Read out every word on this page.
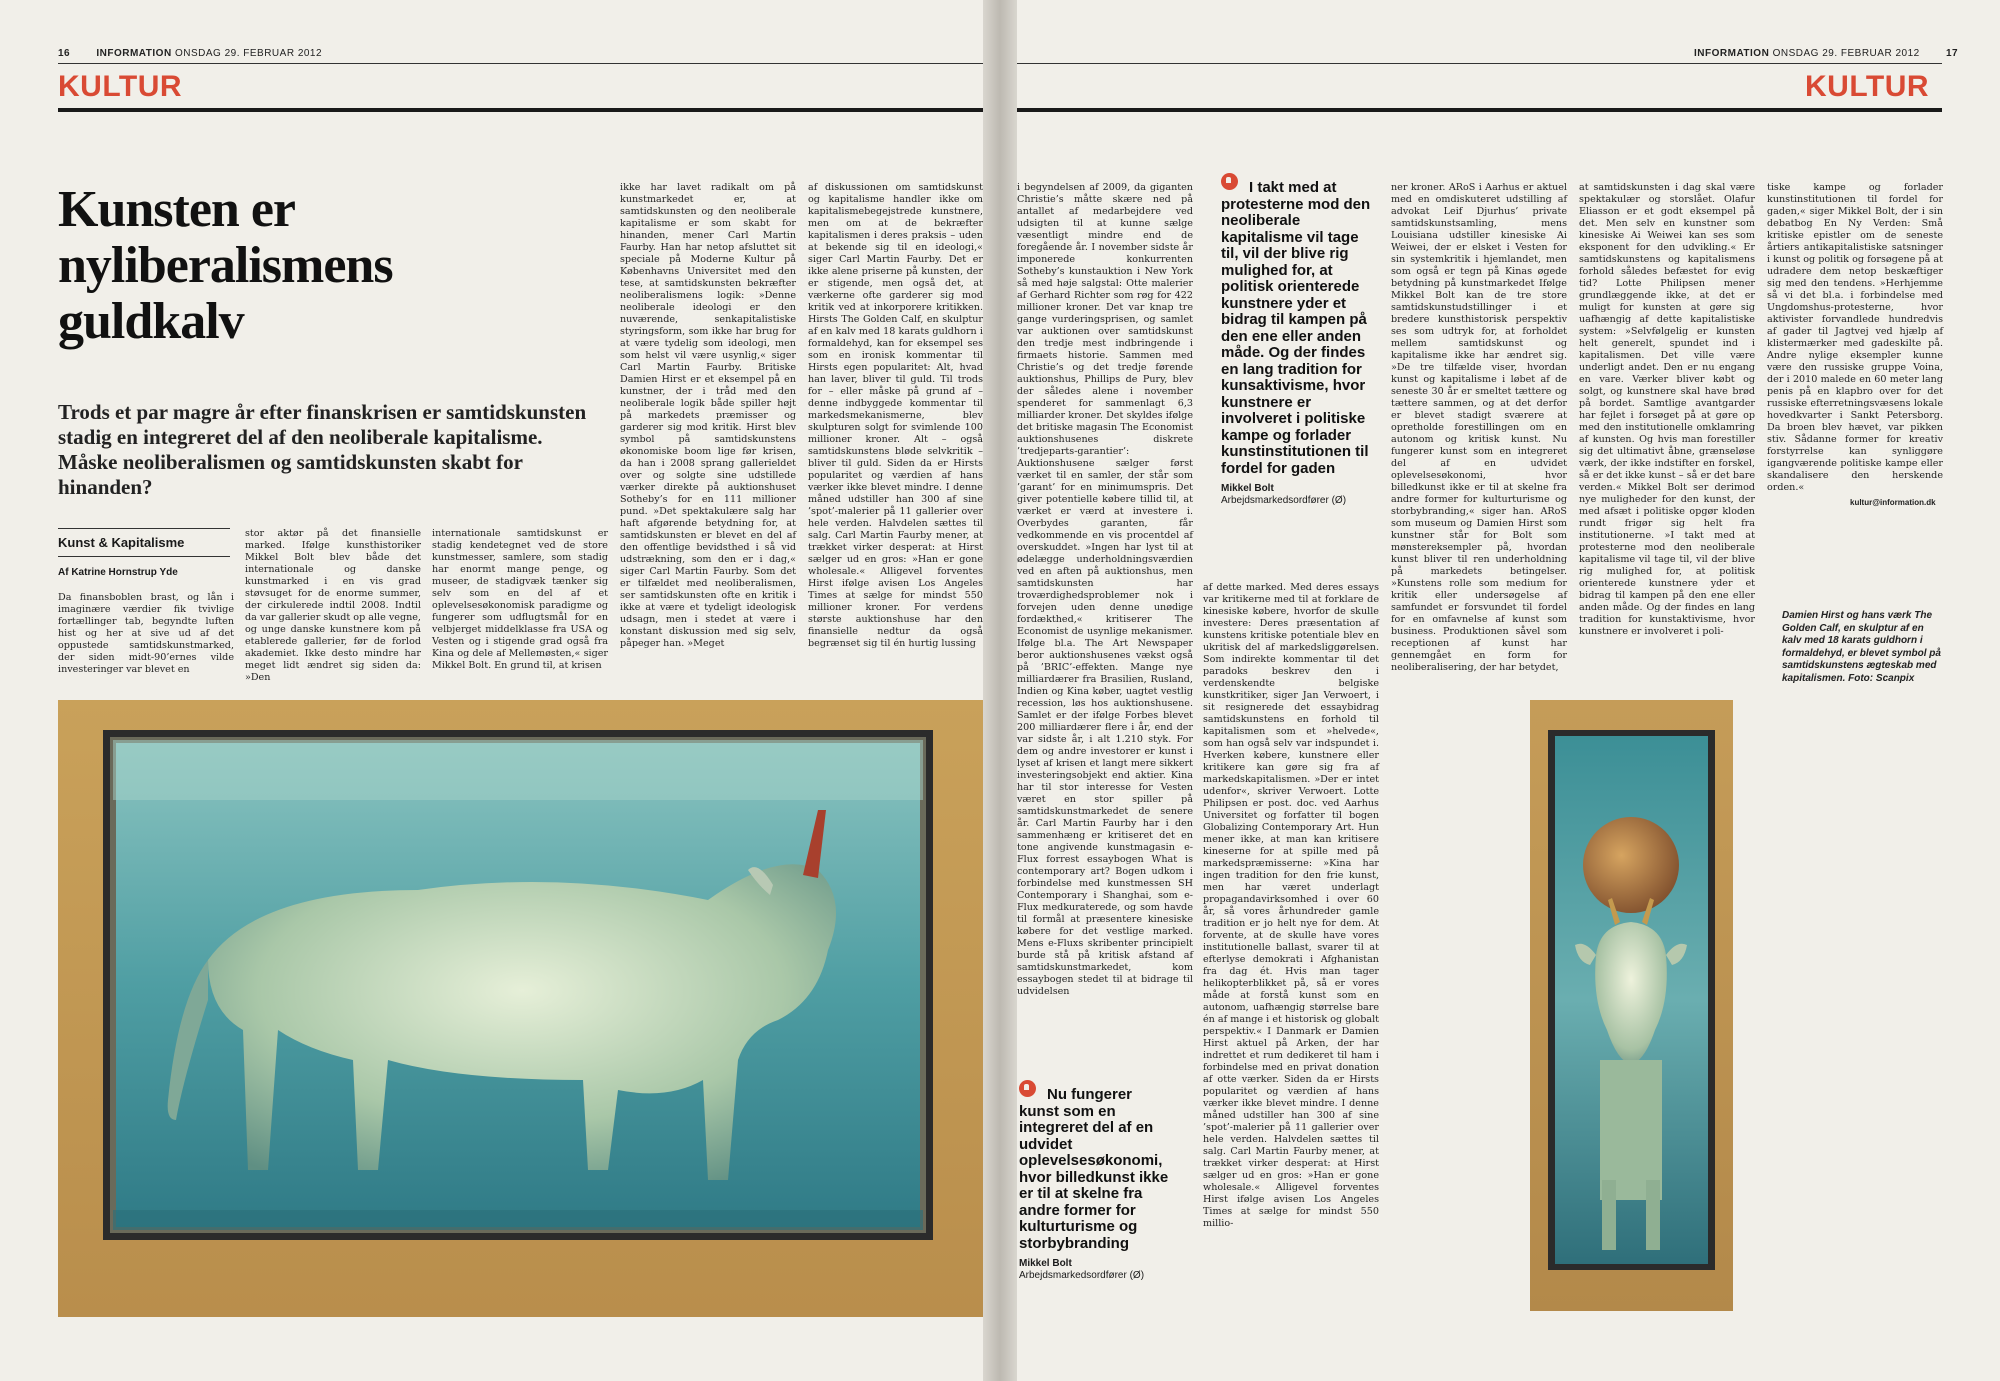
16	INFORMATION ONSDAG 29. FEBRUAR 2012
KULTUR
Kunsten er nyliberalismens guldkalv

Trods et par magre år efter finanskrisen er samtidskunsten stadig en integreret del af den neoliberale kapitalisme. Måske neoliberalismen og samtidskunsten skabt for hinanden?

Kunst & Kapitalisme
Af Katrine Hornstrup Yde

Da finansboblen brast, og lån i imaginære værdier fik tvivlige fortællinger tab, begyndte luften hist og her at sive ud af det oppustede samtidskunstmarked, der siden midt-90’ernes vilde investeringer var blevet en

stor aktør på det finansielle marked. Ifølge kunsthistoriker Mikkel Bolt blev både det internationale og danske kunstmarked i en vis grad støvsuget for de enorme summer, der cirkulerede indtil 2008. Indtil da var gallerier skudt op alle vegne, og unge danske kunstnere kom på etablerede gallerier, før de forlod akademiet. Ikke desto mindre har meget lidt ændret sig siden da: »Den

internationale samtidskunst er stadig kendetegnet ved de store kunstmesser, samlere, som stadig har enormt mange penge, og museer, de stadigvæk tænker sig selv som en del af et oplevelsesøkonomisk paradigme og fungerer som udflugtsmål for en velbjerget middelklasse fra USA og Vesten og i stigende grad også fra Kina og dele af Mellemøsten,« siger Mikkel Bolt. En grund til, at krisen

ikke har lavet radikalt om på kunstmarkedet er, at samtidskunsten og den neoliberale kapitalisme er som skabt for hinanden, mener Carl Martin Faurby. Han har netop afsluttet sit speciale på Moderne Kultur på Københavns Universitet med den tese, at samtidskunsten bekræfter neoliberalismens logik: »Denne neoliberale ideologi er den nuværende, senkapitalistiske styringsform, som ikke har brug for at være tydelig som ideologi, men som helst vil være usynlig,« siger Carl Martin Faurby. Britiske Damien Hirst er et eksempel på en kunstner, der i tråd med den neoliberale logik både spiller højt på markedets præmisser og garderer sig mod kritik. Hirst blev symbol på samtidskunstens økonomiske boom lige før krisen, da han i 2008 sprang gallerieldet over og solgte sine udstillede værker direkte på auktionshuset Sotheby’s for en 111 millioner pund. »Det spektakulære salg har haft afgørende betydning for, at samtidskunsten er blevet en del af den offentlige bevidsthed i så vid udstrækning, som den er i dag,« siger Carl Martin Faurby. Som det er tilfældet med neoliberalismen, ser samtidskunsten ofte en kritik i ikke at være et tydeligt ideologisk udsagn, men i stedet at være i konstant diskussion med sig selv, påpeger han. »Meget

af diskussionen om samtidskunst og kapitalisme handler ikke om kapitalismebegejstrede kunstnere, men om at de bekræfter kapitalismen i deres praksis – uden at bekende sig til en ideologi,« siger Carl Martin Faurby. Det er ikke alene priserne på kunsten, der er stigende, men også det, at værkerne ofte garderer sig mod kritik ved at inkorporere kritikken. Hirsts The Golden Calf, en skulptur af en kalv med 18 karats guldhorn i formaldehyd, kan for eksempel ses som en ironisk kommentar til Hirsts egen popularitet: Alt, hvad han laver, bliver til guld. Til trods for – eller måske på grund af – denne indbyggede kommentar til markedsmekanismerne, blev skulpturen solgt for svimlende 100 millioner kroner. Alt – også samtidskunstens bløde selvkritik – bliver til guld. Siden da er Hirsts popularitet og værdien af hans værker ikke blevet mindre. I denne måned udstiller han 300 af sine ’spot’-malerier på 11 gallerier over hele verden. Halvdelen sættes til salg. Carl Martin Faurby mener, at trækket virker desperat: at Hirst sælger ud en gros: »Han er gone wholesale.« Alligevel forventes Hirst ifølge avisen Los Angeles Times at sælge for mindst 550 millioner kroner. For verdens største auktionshuse har den finansielle nedtur da også begrænset sig til én hurtig lussing

INFORMATION ONSDAG 29. FEBRUAR 2012	17
KULTUR

i begyndelsen af 2009, da giganten Christie’s måtte skære ned på antallet af medarbejdere ved udsigten til at kunne sælge væsentligt mindre end de foregående år. I november sidste år imponerede konkurrenten Sotheby’s kunstauktion i New York så med høje salgstal: Otte malerier af Gerhard Richter som røg for 422 millioner kroner. Det var knap tre gange vurderingsprisen, og samlet var auktionen over samtidskunst den tredje mest indbringende i firmaets historie. Sammen med Christie’s og det tredje førende auktionshus, Phillips de Pury, blev der således alene i november spenderet for sammenlagt 6,3 milliarder kroner. Det skyldes ifølge det britiske magasin The Economist auktionshusenes diskrete ’tredjeparts-garantier’: Auktionshusene sælger først værket til en samler, der står som ’garant’ for en minimumspris. Det giver potentielle købere tillid til, at værket er værd at investere i. Overbydes garanten, får vedkommende en vis procentdel af overskuddet. »Ingen har lyst til at ødelægge underholdningsværdien ved en aften på auktionshus, men samtidskunsten har troværdighedsproblemer nok i forvejen uden denne unødige fordækthed,« kritiserer The Economist de usynlige mekanismer. Ifølge bl.a. The Art Newspaper beror auktionshusenes vækst også på ’BRIC’-effekten. Mange nye milliardærer fra Brasilien, Rusland, Indien og Kina køber, uagtet vestlig recession, løs hos auktionshusene. Samlet er der ifølge Forbes blevet 200 milliardærer flere i år, end der var sidste år, i alt 1.210 styk. For dem og andre investorer er kunst i lyset af krisen et langt mere sikkert investeringsobjekt end aktier. Kina har til stor interesse for Vesten været en stor spiller på samtidskunstmarkedet de senere år. Carl Martin Faurby har i den sammenhæng er kritiseret det en tone angivende kunstmagasin e-Flux forrest essaybogen What is contemporary art? Bogen udkom i forbindelse med kunstmessen SH Contemporary i Shanghai, som e-Flux medkuraterede, og som havde til formål at præsentere kinesiske købere for det vestlige marked. Mens e-Fluxs skribenter principielt burde stå på kritisk afstand af samtidskunstmarkedet, kom essaybogen stedet til at bidrage til udvidelsen

af dette marked. Med deres essays var kritikerne med til at forklare de kinesiske købere, hvorfor de skulle investere: Deres præsentation af kunstens kritiske potentiale blev en ukritisk del af markedsliggørelsen. Som indirekte kommentar til det paradoks beskrev den i verdenskendte belgiske kunstkritiker, siger Jan Verwoert, i sit resignerede det essaybidrag samtidskunstens en forhold til kapitalismen som et »helvede«, som han også selv var indspundet i. Hverken købere, kunstnere eller kritikere kan gøre sig fra af markedskapitalismen. »Der er intet udenfor«, skriver Verwoert. Lotte Philipsen er post. doc. ved Aarhus Universitet og forfatter til bogen Globalizing Contemporary Art. Hun mener ikke, at man kan kritisere kineserne for at spille med på markedspræmisserne: »Kina har ingen tradition for den frie kunst, men har været underlagt propagandavirksomhed i over 60 år, så vores århundreder gamle tradition er jo helt nye for dem. At forvente, at de skulle have vores institutionelle ballast, svarer til at efterlyse demokrati i Afghanistan fra dag ét. Hvis man tager helikopterblikket på, så er vores måde at forstå kunst som en autonom, uafhængig størrelse bare én af mange i et historisk og globalt perspektiv.« I Danmark er Damien Hirst aktuel på Arken, der har indrettet et rum dedikeret til ham i forbindelse med en privat donation af otte værker. Siden da er Hirsts popularitet og værdien af hans værker ikke blevet mindre. I denne måned udstiller han 300 af sine ’spot’-malerier på 11 gallerier over hele verden. Halvdelen sættes til salg. Carl Martin Faurby mener, at trækket virker desperat: at Hirst sælger ud en gros: »Han er gone wholesale.« Alligevel forventes Hirst ifølge avisen Los Angeles Times at sælge for mindst 550 millio-

ner kroner. ARoS i Aarhus er aktuel med en omdiskuteret udstilling af advokat Leif Djurhus’ private samtidskunstsamling, mens Louisiana udstiller kinesiske Ai Weiwei, der er elsket i Vesten for sin systemkritik i hjemlandet, men som også er tegn på Kinas øgede betydning på kunstmarkedet Ifølge Mikkel Bolt kan de tre store samtidskunstudstillinger i et bredere kunsthistorisk perspektiv ses som udtryk for, at forholdet mellem samtidskunst og kapitalisme ikke har ændret sig. »De tre tilfælde viser, hvordan kunst og kapitalisme i løbet af de seneste 30 år er smeltet tættere og tættere sammen, og at det derfor er blevet stadigt sværere at opretholde forestillingen om en autonom og kritisk kunst. Nu fungerer kunst som en integreret del af en udvidet oplevelsesøkonomi, hvor billedkunst ikke er til at skelne fra andre former for kulturturisme og storbybranding,« siger han. ARoS som museum og Damien Hirst som kunstner står for Bolt som mønstereksempler på, hvordan kunst bliver til ren underholdning på markedets betingelser. »Kunstens rolle som medium for kritik eller undersøgelse af samfundet er forsvundet til fordel for en omfavnelse af kunst som business. Produktionen såvel som receptionen af kunst har gennemgået en form for neoliberalisering, der har betydet,

at samtidskunsten i dag skal være spektakulær og storslået. Olafur Eliasson er et godt eksempel på det. Men selv en kunstner som kinesiske Ai Weiwei kan ses som eksponent for den udvikling.« Er samtidskunstens og kapitalismens forhold således befæstet for evig tid? Lotte Philipsen mener grundlæggende ikke, at det er muligt for kunsten at gøre sig uafhængig af dette kapitalistiske system: »Selvfølgelig er kunsten helt generelt, spundet ind i kapitalismen. Det ville være underligt andet. Den er nu engang en vare. Værker bliver købt og solgt, og kunstnere skal have brød på bordet. Samtlige avantgarder har fejlet i forsøget på at gøre op med den institutionelle omklamring af kunsten. Og hvis man forestiller sig det ultimativt åbne, grænseløse værk, der ikke indstifter en forskel, så er det ikke kunst – så er det bare verden.« Mikkel Bolt ser derimod nye muligheder for den kunst, der med afsæt i politiske opgør kloden rundt frigør sig helt fra institutionerne. »I takt med at protesterne mod den neoliberale kapitalisme vil tage til, vil der blive rig mulighed for, at politisk orienterede kunstnere yder et bidrag til kampen på den ene eller anden måde. Og der findes en lang tradition for kunstaktivisme, hvor kunstnere er involveret i poli-

tiske kampe og forlader kunstinstitutionen til fordel for gaden,« siger Mikkel Bolt, der i sin debatbog En Ny Verden: Små kritiske epistler om de seneste årtiers antikapitalistiske satsninger i kunst og politik og forsøgene på at udradere dem netop beskæftiger sig med den tendens. »Herhjemme så vi det bl.a. i forbindelse med Ungdomshus-protesterne, hvor aktivister forvandlede hundredvis af gader til Jagtvej ved hjælp af klistermærker med gadeskilte på. Andre nylige eksempler kunne være den russiske gruppe Voina, der i 2010 malede en 60 meter lang penis på en klapbro over for det russiske efterretningsvæsens lokale hovedkvarter i Sankt Petersborg. Da broen blev hævet, var pikken stiv. Sådanne former for kreativ forstyrrelse kan synliggøre igangværende politiske kampe eller skandalisere den herskende orden.«

kultur@information.dk
I takt med at protesterne mod den neoliberale kapitalisme vil tage til, vil der blive rig mulighed for, at politisk orienterede kunstnere yder et bidrag til kampen på den ene eller anden måde. Og der findes en lang tradition for kunsaktivisme, hvor kunstnere er involveret i politiske kampe og forlader kunstinstitutionen til fordel for gaden
Mikkel Bolt
Arbejdsmarkedsordfører (Ø)
Nu fungerer kunst som en integreret del af en udvidet oplevelsesøkonomi, hvor billedkunst ikke er til at skelne fra andre former for kulturturisme og storbybranding
Mikkel Bolt
Arbejdsmarkedsordfører (Ø)
Damien Hirst og hans værk The Golden Calf, en skulptur af en kalv med 18 karats guldhorn i formaldehyd, er blevet symbol på samtidskunstens ægteskab med kapitalismen. Foto: Scanpix
